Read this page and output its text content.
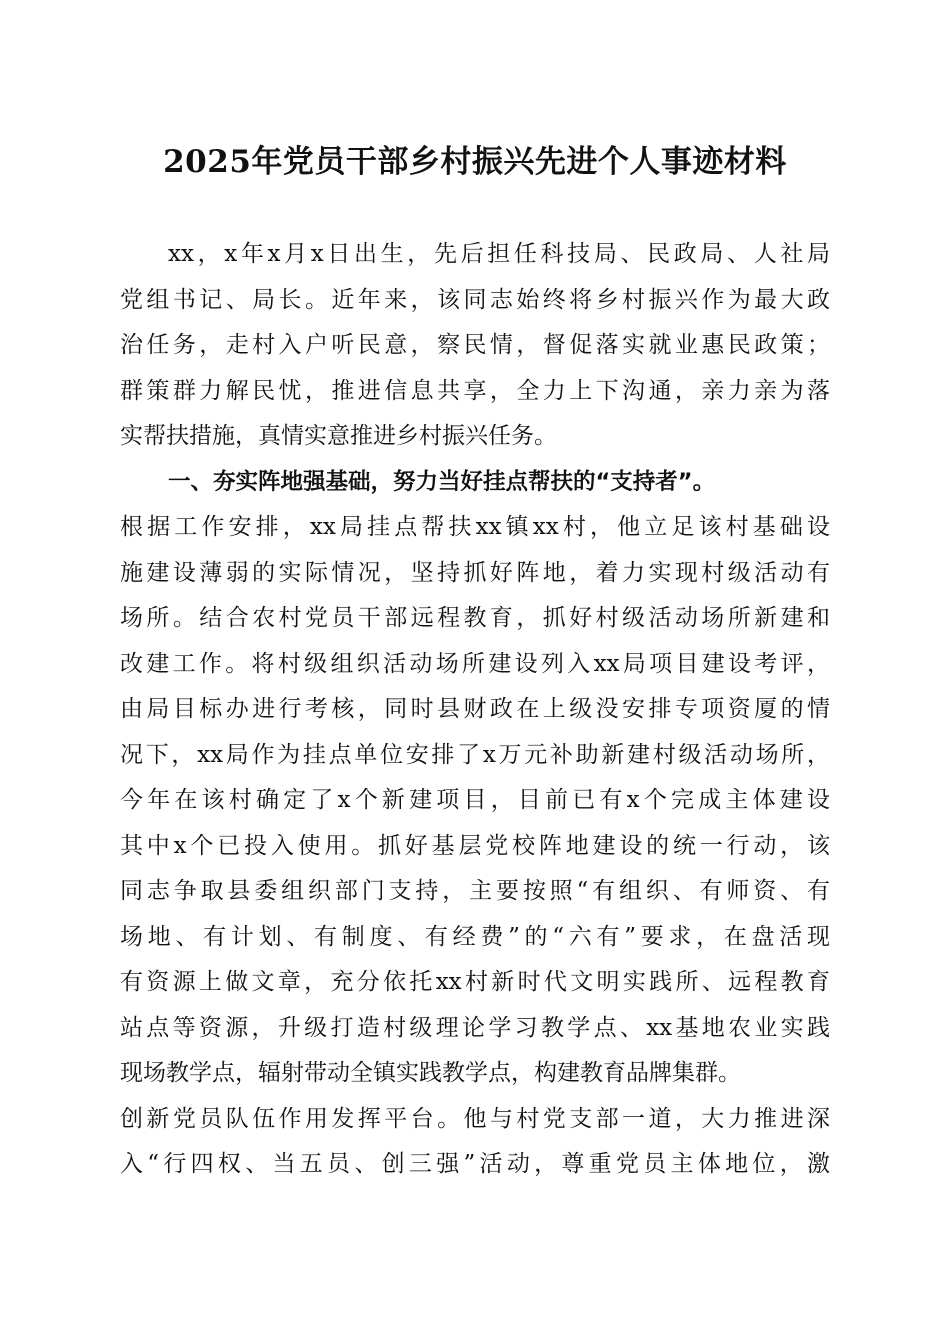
2025年党员干部乡村振兴先进个人事迹材料
xx，x年x月x日出生，先后担任科技局、民政局、人社局
党组书记、局长。近年来，该同志始终将乡村振兴作为最大政
治任务，走村入户听民意，察民情，督促落实就业惠民政策；
群策群力解民忧，推进信息共享，全力上下沟通，亲力亲为落
实帮扶措施，真情实意推进乡村振兴任务。
一、夯实阵地强基础，努力当好挂点帮扶的“支持者”。
根据工作安排，xx局挂点帮扶xx镇xx村，他立足该村基础设
施建设薄弱的实际情况，坚持抓好阵地，着力实现村级活动有
场所。结合农村党员干部远程教育，抓好村级活动场所新建和
改建工作。将村级组织活动场所建设列入xx局项目建设考评，
由局目标办进行考核，同时县财政在上级没安排专项资厦的情
况下，xx局作为挂点单位安排了x万元补助新建村级活动场所，
今年在该村确定了x个新建项目，目前已有x个完成主体建设
其中x个已投入使用。抓好基层党校阵地建设的统一行动，该
同志争取县委组织部门支持，主要按照“有组织、有师资、有
场地、有计划、有制度、有经费”的“六有”要求，在盘活现
有资源上做文章，充分依托xx村新时代文明实践所、远程教育
站点等资源，升级打造村级理论学习教学点、xx基地农业实践
现场教学点，辐射带动全镇实践教学点，构建教育品牌集群。
创新党员队伍作用发挥平台。他与村党支部一道，大力推进深
入“行四权、当五员、创三强”活动，尊重党员主体地位，激
